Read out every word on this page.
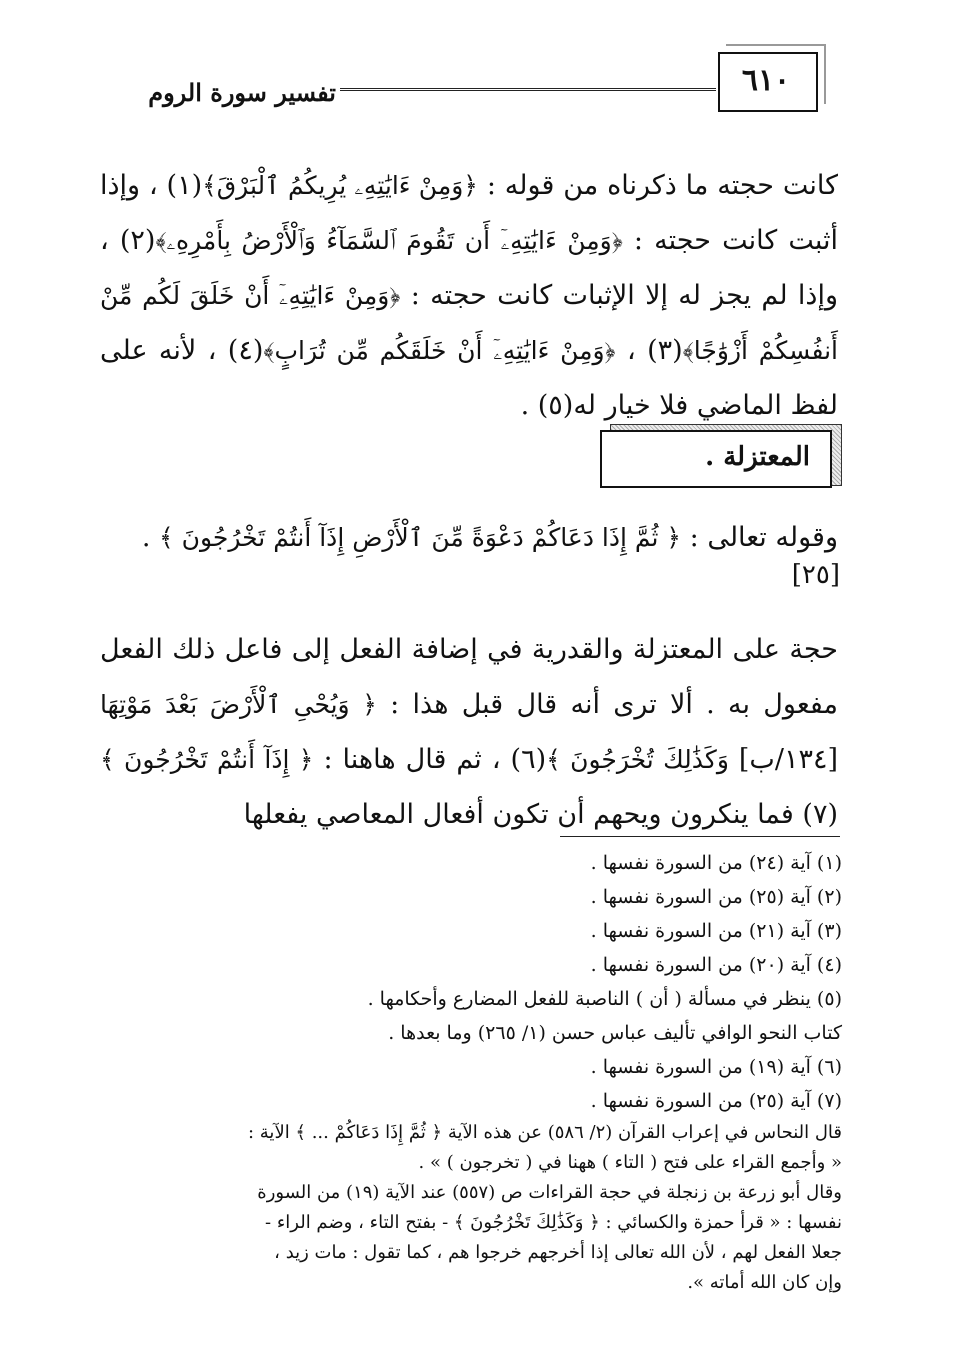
٦١٠
تفسير سورة الروم
كانت حجته ما ذكرناه من قوله : ﴿وَمِنْ ءَايَٰتِهِۦ يُرِيكُمُ ٱلْبَرْقَ﴾(١) ، وإذا أثبت كانت حجته : ﴿وَمِنْ ءَايَٰتِهِۦٓ أَن تَقُومَ ٱلسَّمَآءُ وَٱلْأَرْضُ بِأَمْرِهِۦ﴾(٢) ، وإذا لم يجز له إلا الإثبات كانت حجته : ﴿وَمِنْ ءَايَٰتِهِۦٓ أَنْ خَلَقَ لَكُم مِّنْ أَنفُسِكُمْ أَزْوَٰجًا﴾(٣) ، ﴿وَمِنْ ءَايَٰتِهِۦٓ أَنْ خَلَقَكُم مِّن تُرَابٍ﴾(٤) ، لأنه على لفظ الماضي فلا خيار له(٥) .
المعتزلة .
وقوله تعالى : ﴿ ثُمَّ إِذَا دَعَاكُمْ دَعْوَةً مِّنَ ٱلْأَرْضِ إِذَآ أَنتُمْ تَخْرُجُونَ ﴾ .
[٢٥]
حجة على المعتزلة والقدرية في إضافة الفعل إلى فاعل ذلك الفعل مفعول به . ألا ترى أنه قال قبل هذا : ﴿ وَيُحْىِ ٱلْأَرْضَ بَعْدَ مَوْتِهَا [١٣٤/ب] وَكَذَٰلِكَ تُخْرَجُونَ ﴾(٦) ، ثم قال هاهنا : ﴿ إِذَآ أَنتُمْ تَخْرُجُونَ ﴾(٧) فما ينكرون ويحهم أن تكون أفعال المعاصي يفعلها
(١) آية (٢٤) من السورة نفسها .
(٢) آية (٢٥) من السورة نفسها .
(٣) آية (٢١) من السورة نفسها .
(٤) آية (٢٠) من السورة نفسها .
(٥) ينظر في مسألة ( أن ) الناصبة للفعل المضارع وأحكامها .
كتاب النحو الوافي تأليف عباس حسن (١/ ٢٦٥) وما بعدها .
(٦) آية (١٩) من السورة نفسها .
(٧) آية (٢٥) من السورة نفسها .
قال النحاس في إعراب القرآن (٢/ ٥٨٦) عن هذه الآية ﴿ ثُمَّ إِذَا دَعَاكُمْ ... ﴾ الآية :
« وأجمع القراء على فتح ( التاء ) ههنا في ( تخرجون ) » .
وقال أبو زرعة بن زنجلة في حجة القراءات ص (٥٥٧) عند الآية (١٩) من السورة
نفسها : « قرأ حمزة والكسائي : ﴿ وَكَذَٰلِكَ تَخْرُجُونَ ﴾ - بفتح التاء ، وضم الراء -
جعلا الفعل لهم ، لأن الله تعالى إذا أخرجهم خرجوا هم ، كما تقول : مات زيد ،
وإن كان الله أماته ».
